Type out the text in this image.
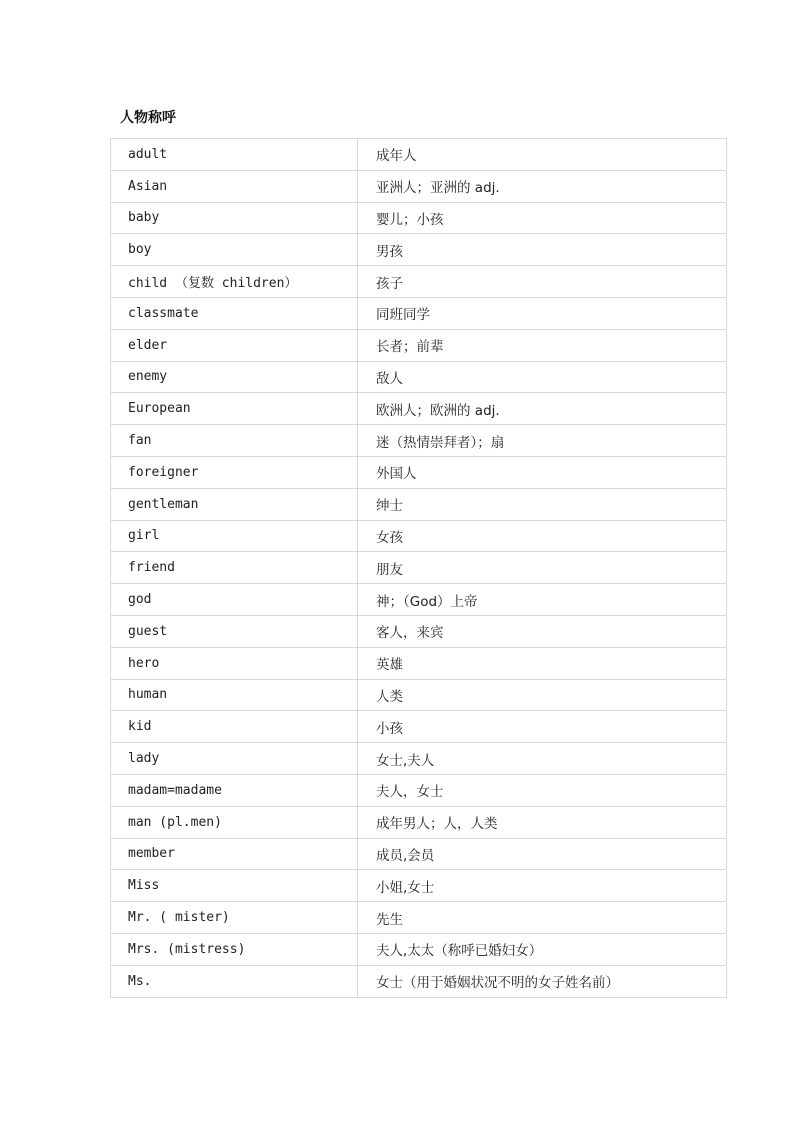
人物称呼
adult	成年人
Asian	亚洲人；亚洲的 adj.
baby	婴儿；小孩
boy	男孩
child （复数 children）	孩子
classmate	同班同学
elder	长者；前辈
enemy	敌人
European	欧洲人；欧洲的 adj.
fan	迷（热情崇拜者）；扇
foreigner	外国人
gentleman	绅士
girl	女孩
friend	朋友
god	神；（God）上帝
guest	客人，来宾
hero	英雄
human	人类
kid	小孩
lady	女士,夫人
madam=madame	夫人，女士
man (pl.men)	成年男人；人，人类
member	成员,会员
Miss	小姐,女士
Mr. ( mister)	先生
Mrs. (mistress)	夫人,太太（称呼已婚妇女）
Ms.	女士（用于婚姻状况不明的女子姓名前）
